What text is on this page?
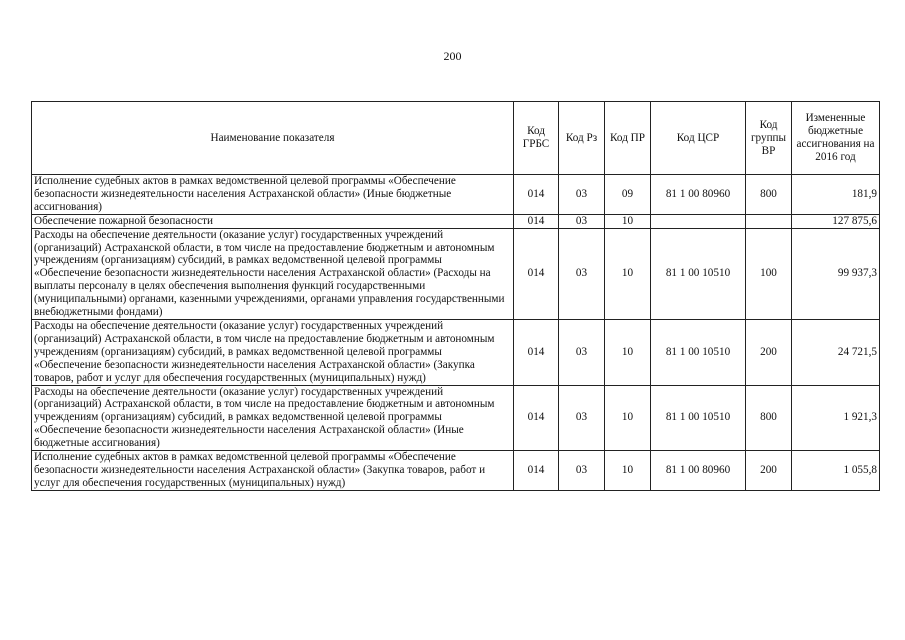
200
Наименование показателя	Код ГРБС	Код Рз	Код ПР	Код ЦСР	Код группы ВР	Измененные бюджетные ассигнования на 2016 год
Исполнение судебных актов в рамках ведомственной целевой программы «Обеспечение безопасности жизнедеятельности населения Астраханской области» (Иные бюджетные ассигнования)	014	03	09	81 1 00 80960	800	181,9
Обеспечение пожарной безопасности	014	03	10			127 875,6
Расходы на обеспечение деятельности (оказание услуг) государственных учреждений (организаций) Астраханской области, в том числе на предоставление бюджетным и автономным учреждениям (организациям) субсидий, в рамках ведомственной целевой программы «Обеспечение безопасности жизнедеятельности населения Астраханской области» (Расходы на выплаты персоналу в целях обеспечения выполнения функций государственными (муниципальными) органами, казенными учреждениями, органами управления государственными внебюджетными фондами)	014	03	10	81 1 00 10510	100	99 937,3
Расходы на обеспечение деятельности (оказание услуг) государственных учреждений (организаций) Астраханской области, в том числе на предоставление бюджетным и автономным учреждениям (организациям) субсидий, в рамках ведомственной целевой программы «Обеспечение безопасности жизнедеятельности населения Астраханской области» (Закупка товаров, работ и услуг для обеспечения государственных (муниципальных) нужд)	014	03	10	81 1 00 10510	200	24 721,5
Расходы на обеспечение деятельности (оказание услуг) государственных учреждений (организаций) Астраханской области, в том числе на предоставление бюджетным и автономным учреждениям (организациям) субсидий, в рамках ведомственной целевой программы «Обеспечение безопасности жизнедеятельности населения Астраханской области» (Иные бюджетные ассигнования)	014	03	10	81 1 00 10510	800	1 921,3
Исполнение судебных актов в рамках ведомственной целевой программы «Обеспечение безопасности жизнедеятельности населения Астраханской области» (Закупка товаров, работ и услуг для обеспечения государственных (муниципальных) нужд)	014	03	10	81 1 00 80960	200	1 055,8
